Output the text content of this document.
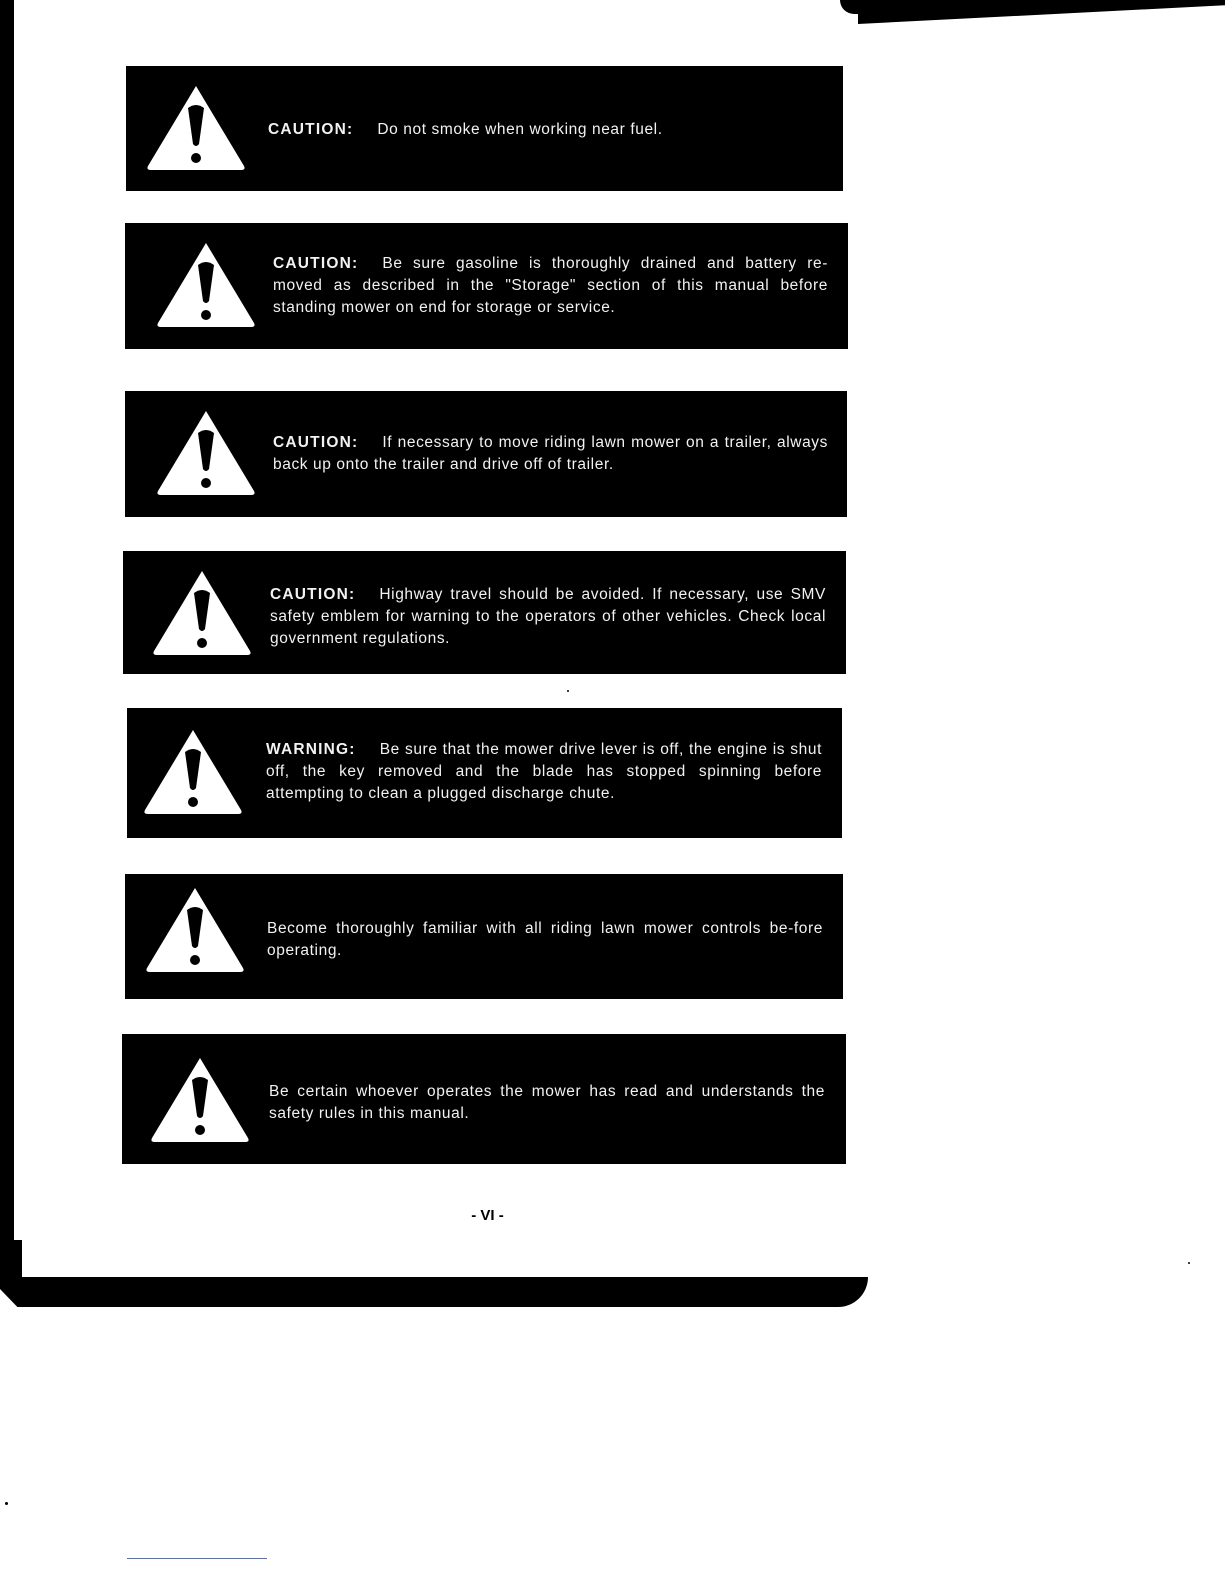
CAUTION: Do not smoke when working near fuel.
CAUTION: Be sure gasoline is thoroughly drained and battery re-moved as described in the "Storage" section of this manual before standing mower on end for storage or service.
CAUTION: If necessary to move riding lawn mower on a trailer, always back up onto the trailer and drive off of trailer.
CAUTION: Highway travel should be avoided. If necessary, use SMV safety emblem for warning to the operators of other vehicles. Check local government regulations.
WARNING: Be sure that the mower drive lever is off, the engine is shut off, the key removed and the blade has stopped spinning before attempting to clean a plugged discharge chute.
Become thoroughly familiar with all riding lawn mower controls be-fore operating.
Be certain whoever operates the mower has read and understands the safety rules in this manual.
- VI -
